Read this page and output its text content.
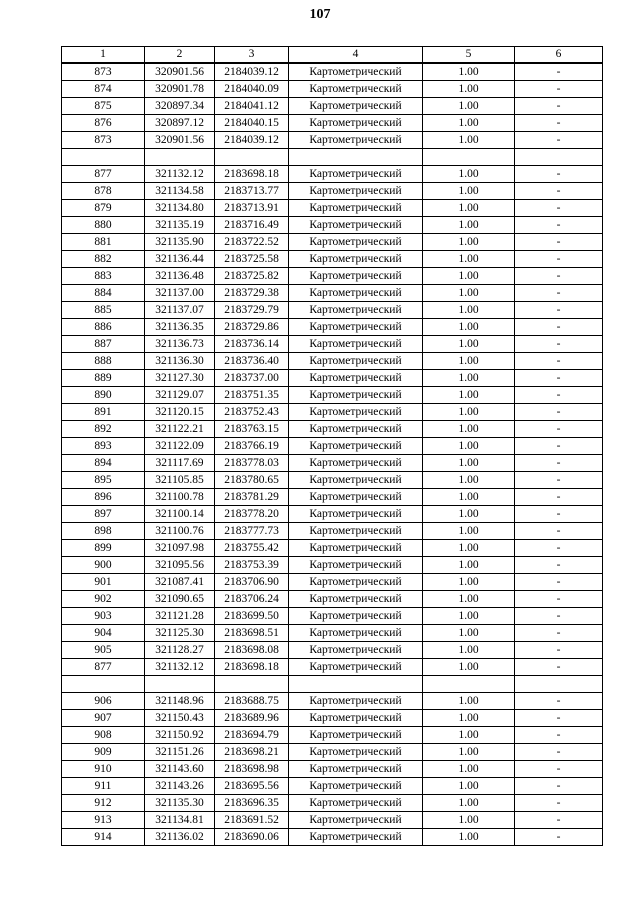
107
1	2	3	4	5	6
873	320901.56	2184039.12	Картометрический	1.00	-
874	320901.78	2184040.09	Картометрический	1.00	-
875	320897.34	2184041.12	Картометрический	1.00	-
876	320897.12	2184040.15	Картометрический	1.00	-
873	320901.56	2184039.12	Картометрический	1.00	-

877	321132.12	2183698.18	Картометрический	1.00	-
878	321134.58	2183713.77	Картометрический	1.00	-
879	321134.80	2183713.91	Картометрический	1.00	-
880	321135.19	2183716.49	Картометрический	1.00	-
881	321135.90	2183722.52	Картометрический	1.00	-
882	321136.44	2183725.58	Картометрический	1.00	-
883	321136.48	2183725.82	Картометрический	1.00	-
884	321137.00	2183729.38	Картометрический	1.00	-
885	321137.07	2183729.79	Картометрический	1.00	-
886	321136.35	2183729.86	Картометрический	1.00	-
887	321136.73	2183736.14	Картометрический	1.00	-
888	321136.30	2183736.40	Картометрический	1.00	-
889	321127.30	2183737.00	Картометрический	1.00	-
890	321129.07	2183751.35	Картометрический	1.00	-
891	321120.15	2183752.43	Картометрический	1.00	-
892	321122.21	2183763.15	Картометрический	1.00	-
893	321122.09	2183766.19	Картометрический	1.00	-
894	321117.69	2183778.03	Картометрический	1.00	-
895	321105.85	2183780.65	Картометрический	1.00	-
896	321100.78	2183781.29	Картометрический	1.00	-
897	321100.14	2183778.20	Картометрический	1.00	-
898	321100.76	2183777.73	Картометрический	1.00	-
899	321097.98	2183755.42	Картометрический	1.00	-
900	321095.56	2183753.39	Картометрический	1.00	-
901	321087.41	2183706.90	Картометрический	1.00	-
902	321090.65	2183706.24	Картометрический	1.00	-
903	321121.28	2183699.50	Картометрический	1.00	-
904	321125.30	2183698.51	Картометрический	1.00	-
905	321128.27	2183698.08	Картометрический	1.00	-
877	321132.12	2183698.18	Картометрический	1.00	-

906	321148.96	2183688.75	Картометрический	1.00	-
907	321150.43	2183689.96	Картометрический	1.00	-
908	321150.92	2183694.79	Картометрический	1.00	-
909	321151.26	2183698.21	Картометрический	1.00	-
910	321143.60	2183698.98	Картометрический	1.00	-
911	321143.26	2183695.56	Картометрический	1.00	-
912	321135.30	2183696.35	Картометрический	1.00	-
913	321134.81	2183691.52	Картометрический	1.00	-
914	321136.02	2183690.06	Картометрический	1.00	-
